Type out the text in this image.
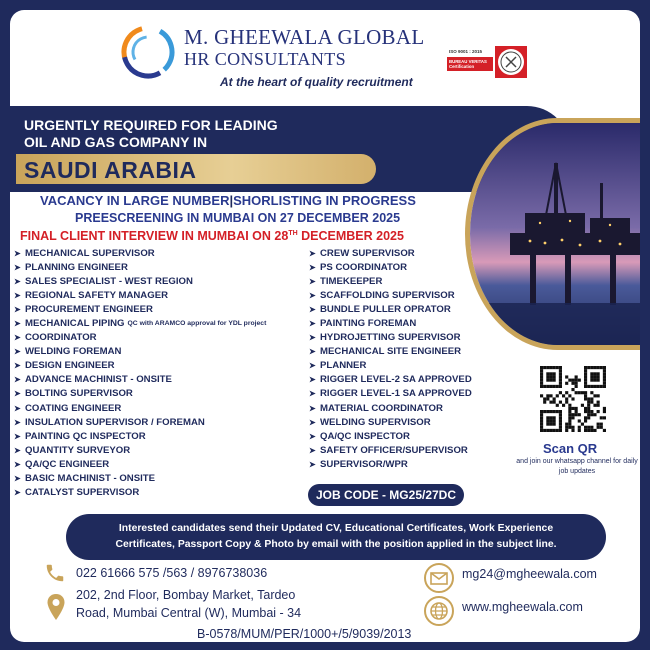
M. GHEEWALA GLOBAL
HR CONSULTANTS
At the heart of quality recruitment
ISO 9001 : 2015
BUREAU VERITAS Certification
URGENTLY REQUIRED FOR LEADING
OIL AND GAS COMPANY IN
SAUDI ARABIA
VACANCY IN LARGE NUMBER|SHORLISTING IN PROGRESS
PREESCREENING IN MUMBAI ON 27 DECEMBER 2025
FINAL CLIENT INTERVIEW IN MUMBAI ON 28TH DECEMBER 2025
➤ MECHANICAL SUPERVISOR
➤ PLANNING ENGINEER
➤ SALES SPECIALIST - WEST REGION
➤ REGIONAL SAFETY MANAGER
➤ PROCUREMENT ENGINEER
➤ MECHANICAL PIPING QC with ARAMCO approval for YDL project
➤ COORDINATOR
➤ WELDING FOREMAN
➤ DESIGN ENGINEER
➤ ADVANCE MACHINIST - ONSITE
➤ BOLTING SUPERVISOR
➤ COATING ENGINEER
➤ INSULATION SUPERVISOR / FOREMAN
➤ PAINTING QC INSPECTOR
➤ QUANTITY SURVEYOR
➤ QA/QC ENGINEER
➤ BASIC MACHINIST - ONSITE
➤ CATALYST SUPERVISOR
➤ CREW SUPERVISOR
➤ PS COORDINATOR
➤ TIMEKEEPER
➤ SCAFFOLDING SUPERVISOR
➤ BUNDLE PULLER OPRATOR
➤ PAINTING FOREMAN
➤ HYDROJETTING SUPERVISOR
➤ MECHANICAL SITE ENGINEER
➤ PLANNER
➤ RIGGER LEVEL-2 SA APPROVED
➤ RIGGER LEVEL-1 SA APPROVED
➤ MATERIAL COORDINATOR
➤ WELDING SUPERVISOR
➤ QA/QC INSPECTOR
➤ SAFETY OFFICER/SUPERVISOR
➤ SUPERVISOR/WPR
Scan QR
and join our whatsapp channel for daily job updates
JOB CODE - MG25/27DC
Interested candidates send their Updated CV, Educational Certificates, Work Experience
Certificates, Passport Copy & Photo by email with the position applied in the subject line.
022 61666 575 /563 / 8976738036
202, 2nd Floor, Bombay Market, Tardeo
Road, Mumbai Central (W), Mumbai - 34
B-0578/MUM/PER/1000+/5/9039/2013
mg24@mgheewala.com
www.mgheewala.com
